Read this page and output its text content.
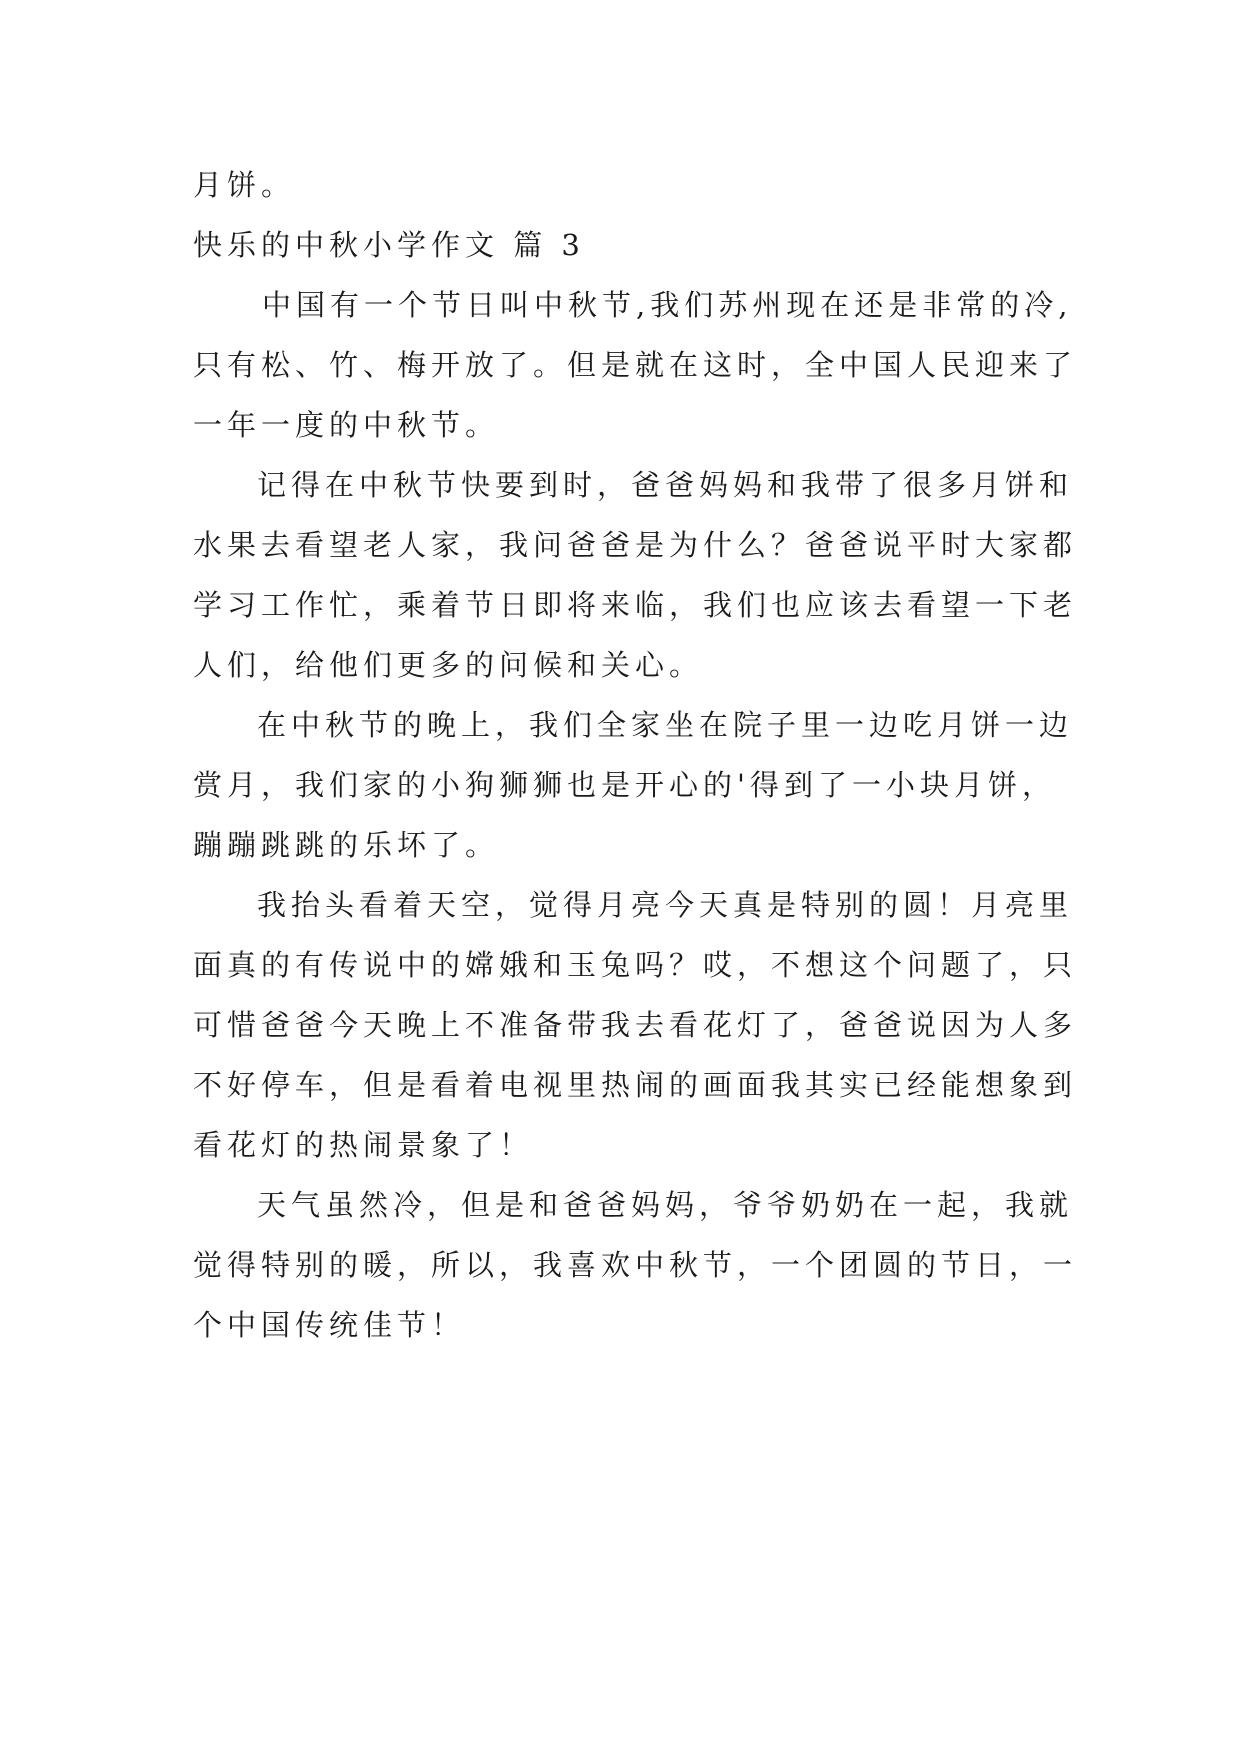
月饼。
快乐的中秋小学作文 篇 3
中国有一个节日叫中秋节,我们苏州现在还是非常的冷,
只有松、竹、梅开放了。但是就在这时，全中国人民迎来了
一年一度的中秋节。
记得在中秋节快要到时，爸爸妈妈和我带了很多月饼和
水果去看望老人家，我问爸爸是为什么？爸爸说平时大家都
学习工作忙，乘着节日即将来临，我们也应该去看望一下老
人们，给他们更多的问候和关心。
在中秋节的晚上，我们全家坐在院子里一边吃月饼一边
赏月，我们家的小狗狮狮也是开心的'得到了一小块月饼，
蹦蹦跳跳的乐坏了。
我抬头看着天空，觉得月亮今天真是特别的圆！月亮里
面真的有传说中的嫦娥和玉兔吗？哎，不想这个问题了，只
可惜爸爸今天晚上不准备带我去看花灯了，爸爸说因为人多
不好停车，但是看着电视里热闹的画面我其实已经能想象到
看花灯的热闹景象了！
天气虽然冷，但是和爸爸妈妈，爷爷奶奶在一起，我就
觉得特别的暖，所以，我喜欢中秋节，一个团圆的节日，一
个中国传统佳节！
